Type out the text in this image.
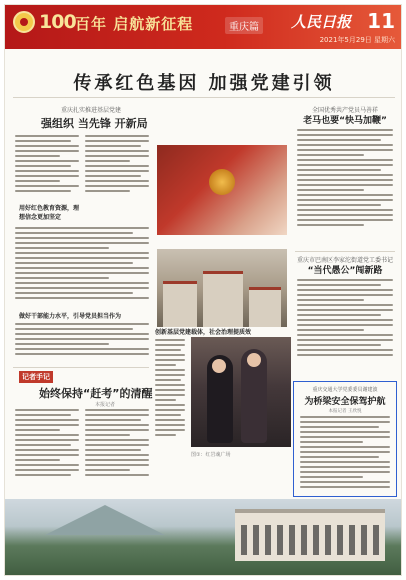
100 百年 启航新征程	重庆篇 人民日报 11
2021年5月29日 星期六
传承红色基因 加强党建引领
重庆扎实推进基层党建
强组织 当先锋 开新局
用好红色教育资源，理想信念更加坚定
创新基层党建载体，社会治理提质效
做好干部能力水平，引导党员担当作为
图①：红岩魂广场
全国优秀共产党员马善祥
老马也要“快马加鞭”
重庆市巴南区李家沱街道党工委书记
“当代愚公”闯新路
重庆交通大学党委委员谢建波
为桥梁安全保驾护航
本报记者 王欣悦
记者手记
始终保持“赶考”的清醒
本报记者
